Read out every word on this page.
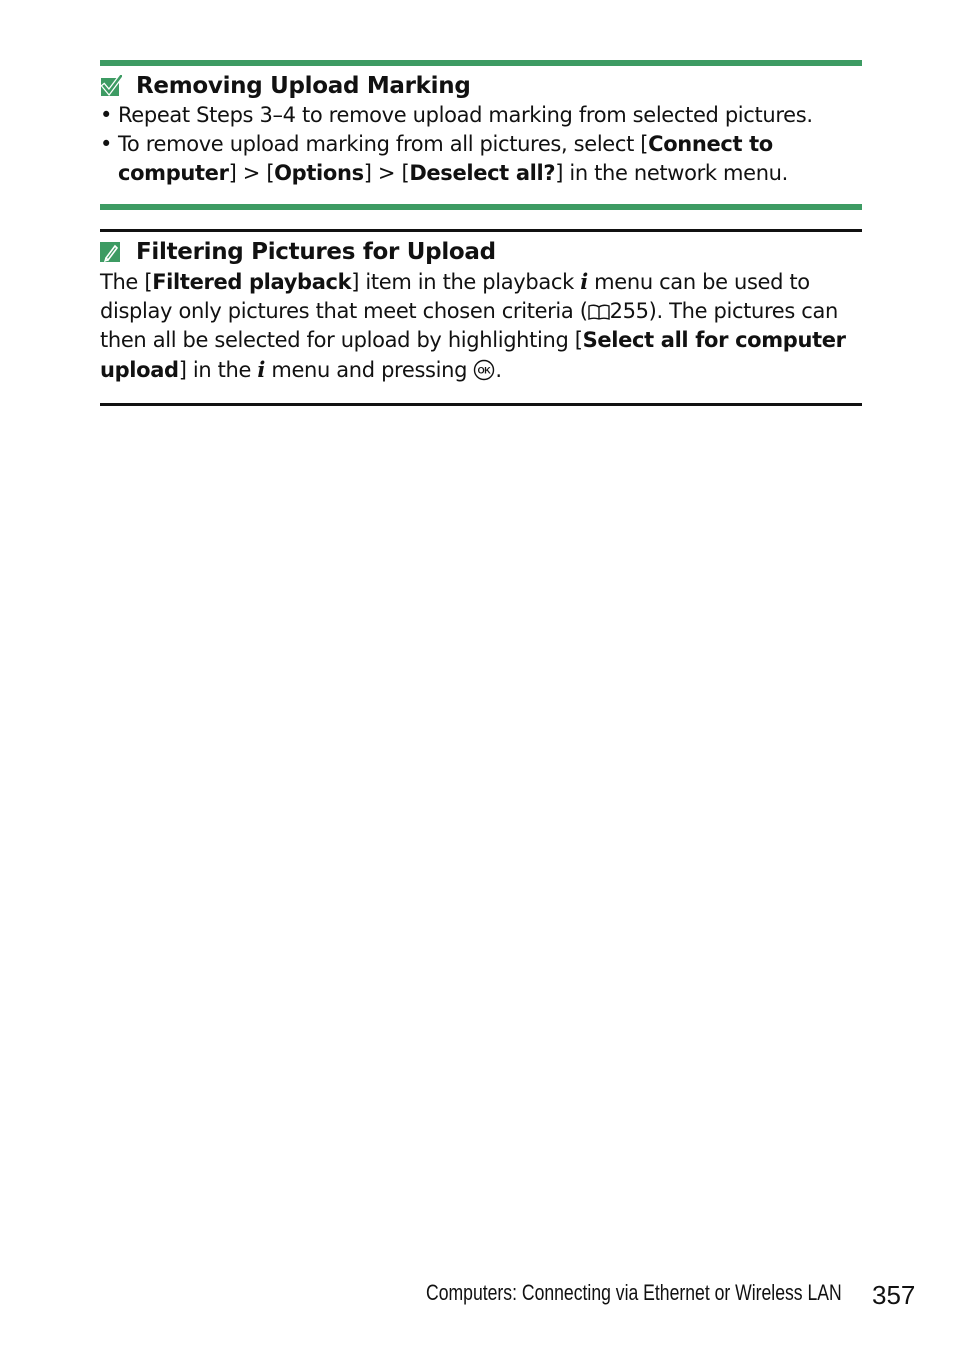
Removing Upload Marking
• Repeat Steps 3–4 to remove upload marking from selected pictures.
• To remove upload marking from all pictures, select [Connect to computer] > [Options] > [Deselect all?] in the network menu.
Filtering Pictures for Upload

The [Filtered playback] item in the playback i menu can be used to display only pictures that meet chosen criteria ( 255). The pictures can then all be selected for upload by highlighting [Select all for computer upload] in the i menu and pressing OK .

Computers: Connecting via Ethernet or Wireless LAN 357
